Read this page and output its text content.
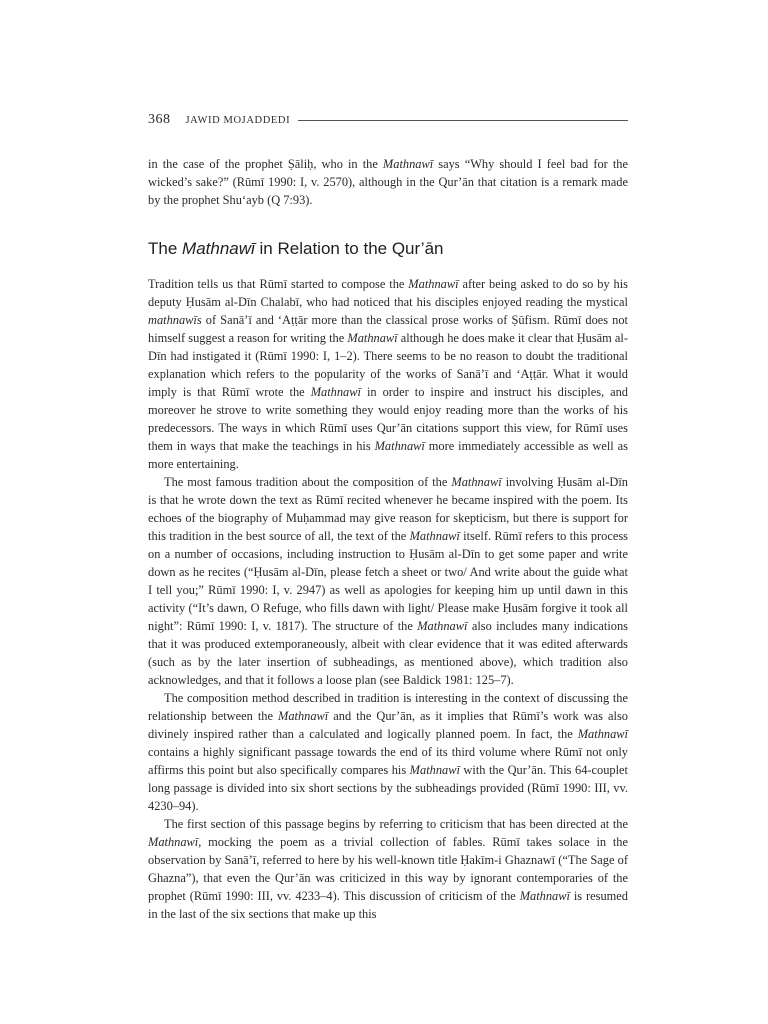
368 JAWID MOJADDEDI

in the case of the prophet Ṣāliḥ, who in the Mathnawī says “Why should I feel bad for the wicked’s sake?” (Rūmī 1990: I, v. 2570), although in the Qur’ān that citation is a remark made by the prophet Shu‘ayb (Q 7:93).

The Mathnawī in Relation to the Qur’ān

Tradition tells us that Rūmī started to compose the Mathnawī after being asked to do so by his deputy Ḥusām al-Dīn Chalabī, who had noticed that his disciples enjoyed reading the mystical mathnawīs of Sanā’ī and ‘Aṭṭār more than the classical prose works of Ṣūfism. Rūmī does not himself suggest a reason for writing the Mathnawī although he does make it clear that Ḥusām al-Dīn had instigated it (Rūmī 1990: I, 1–2). There seems to be no reason to doubt the traditional explanation which refers to the popularity of the works of Sanā’ī and ‘Aṭṭār. What it would imply is that Rūmī wrote the Mathnawī in order to inspire and instruct his disciples, and moreover he strove to write something they would enjoy reading more than the works of his predecessors. The ways in which Rūmī uses Qur’ān citations support this view, for Rūmī uses them in ways that make the teachings in his Mathnawī more immediately accessible as well as more entertaining.

The most famous tradition about the composition of the Mathnawī involving Ḥusām al-Dīn is that he wrote down the text as Rūmī recited whenever he became inspired with the poem. Its echoes of the biography of Muḥammad may give reason for skepticism, but there is support for this tradition in the best source of all, the text of the Mathnawī itself. Rūmī refers to this process on a number of occasions, including instruction to Ḥusām al-Dīn to get some paper and write down as he recites (“Ḥusām al-Dīn, please fetch a sheet or two/ And write about the guide what I tell you;” Rūmī 1990: I, v. 2947) as well as apologies for keeping him up until dawn in this activity (“It’s dawn, O Refuge, who fills dawn with light/ Please make Ḥusām forgive it took all night”: Rūmī 1990: I, v. 1817). The structure of the Mathnawī also includes many indications that it was produced extemporaneously, albeit with clear evidence that it was edited afterwards (such as by the later insertion of subheadings, as mentioned above), which tradition also acknowledges, and that it follows a loose plan (see Baldick 1981: 125–7).

The composition method described in tradition is interesting in the context of discussing the relationship between the Mathnawī and the Qur’ān, as it implies that Rūmī’s work was also divinely inspired rather than a calculated and logically planned poem. In fact, the Mathnawī contains a highly significant passage towards the end of its third volume where Rūmī not only affirms this point but also specifically compares his Mathnawī with the Qur’ān. This 64-couplet long passage is divided into six short sections by the subheadings provided (Rūmī 1990: III, vv. 4230–94).

The first section of this passage begins by referring to criticism that has been directed at the Mathnawī, mocking the poem as a trivial collection of fables. Rūmī takes solace in the observation by Sanā’ī, referred to here by his well-known title Ḥakīm-i Ghaznawī (“The Sage of Ghazna”), that even the Qur’ān was criticized in this way by ignorant contemporaries of the prophet (Rūmī 1990: III, vv. 4233–4). This discussion of criticism of the Mathnawī is resumed in the last of the six sections that make up this
